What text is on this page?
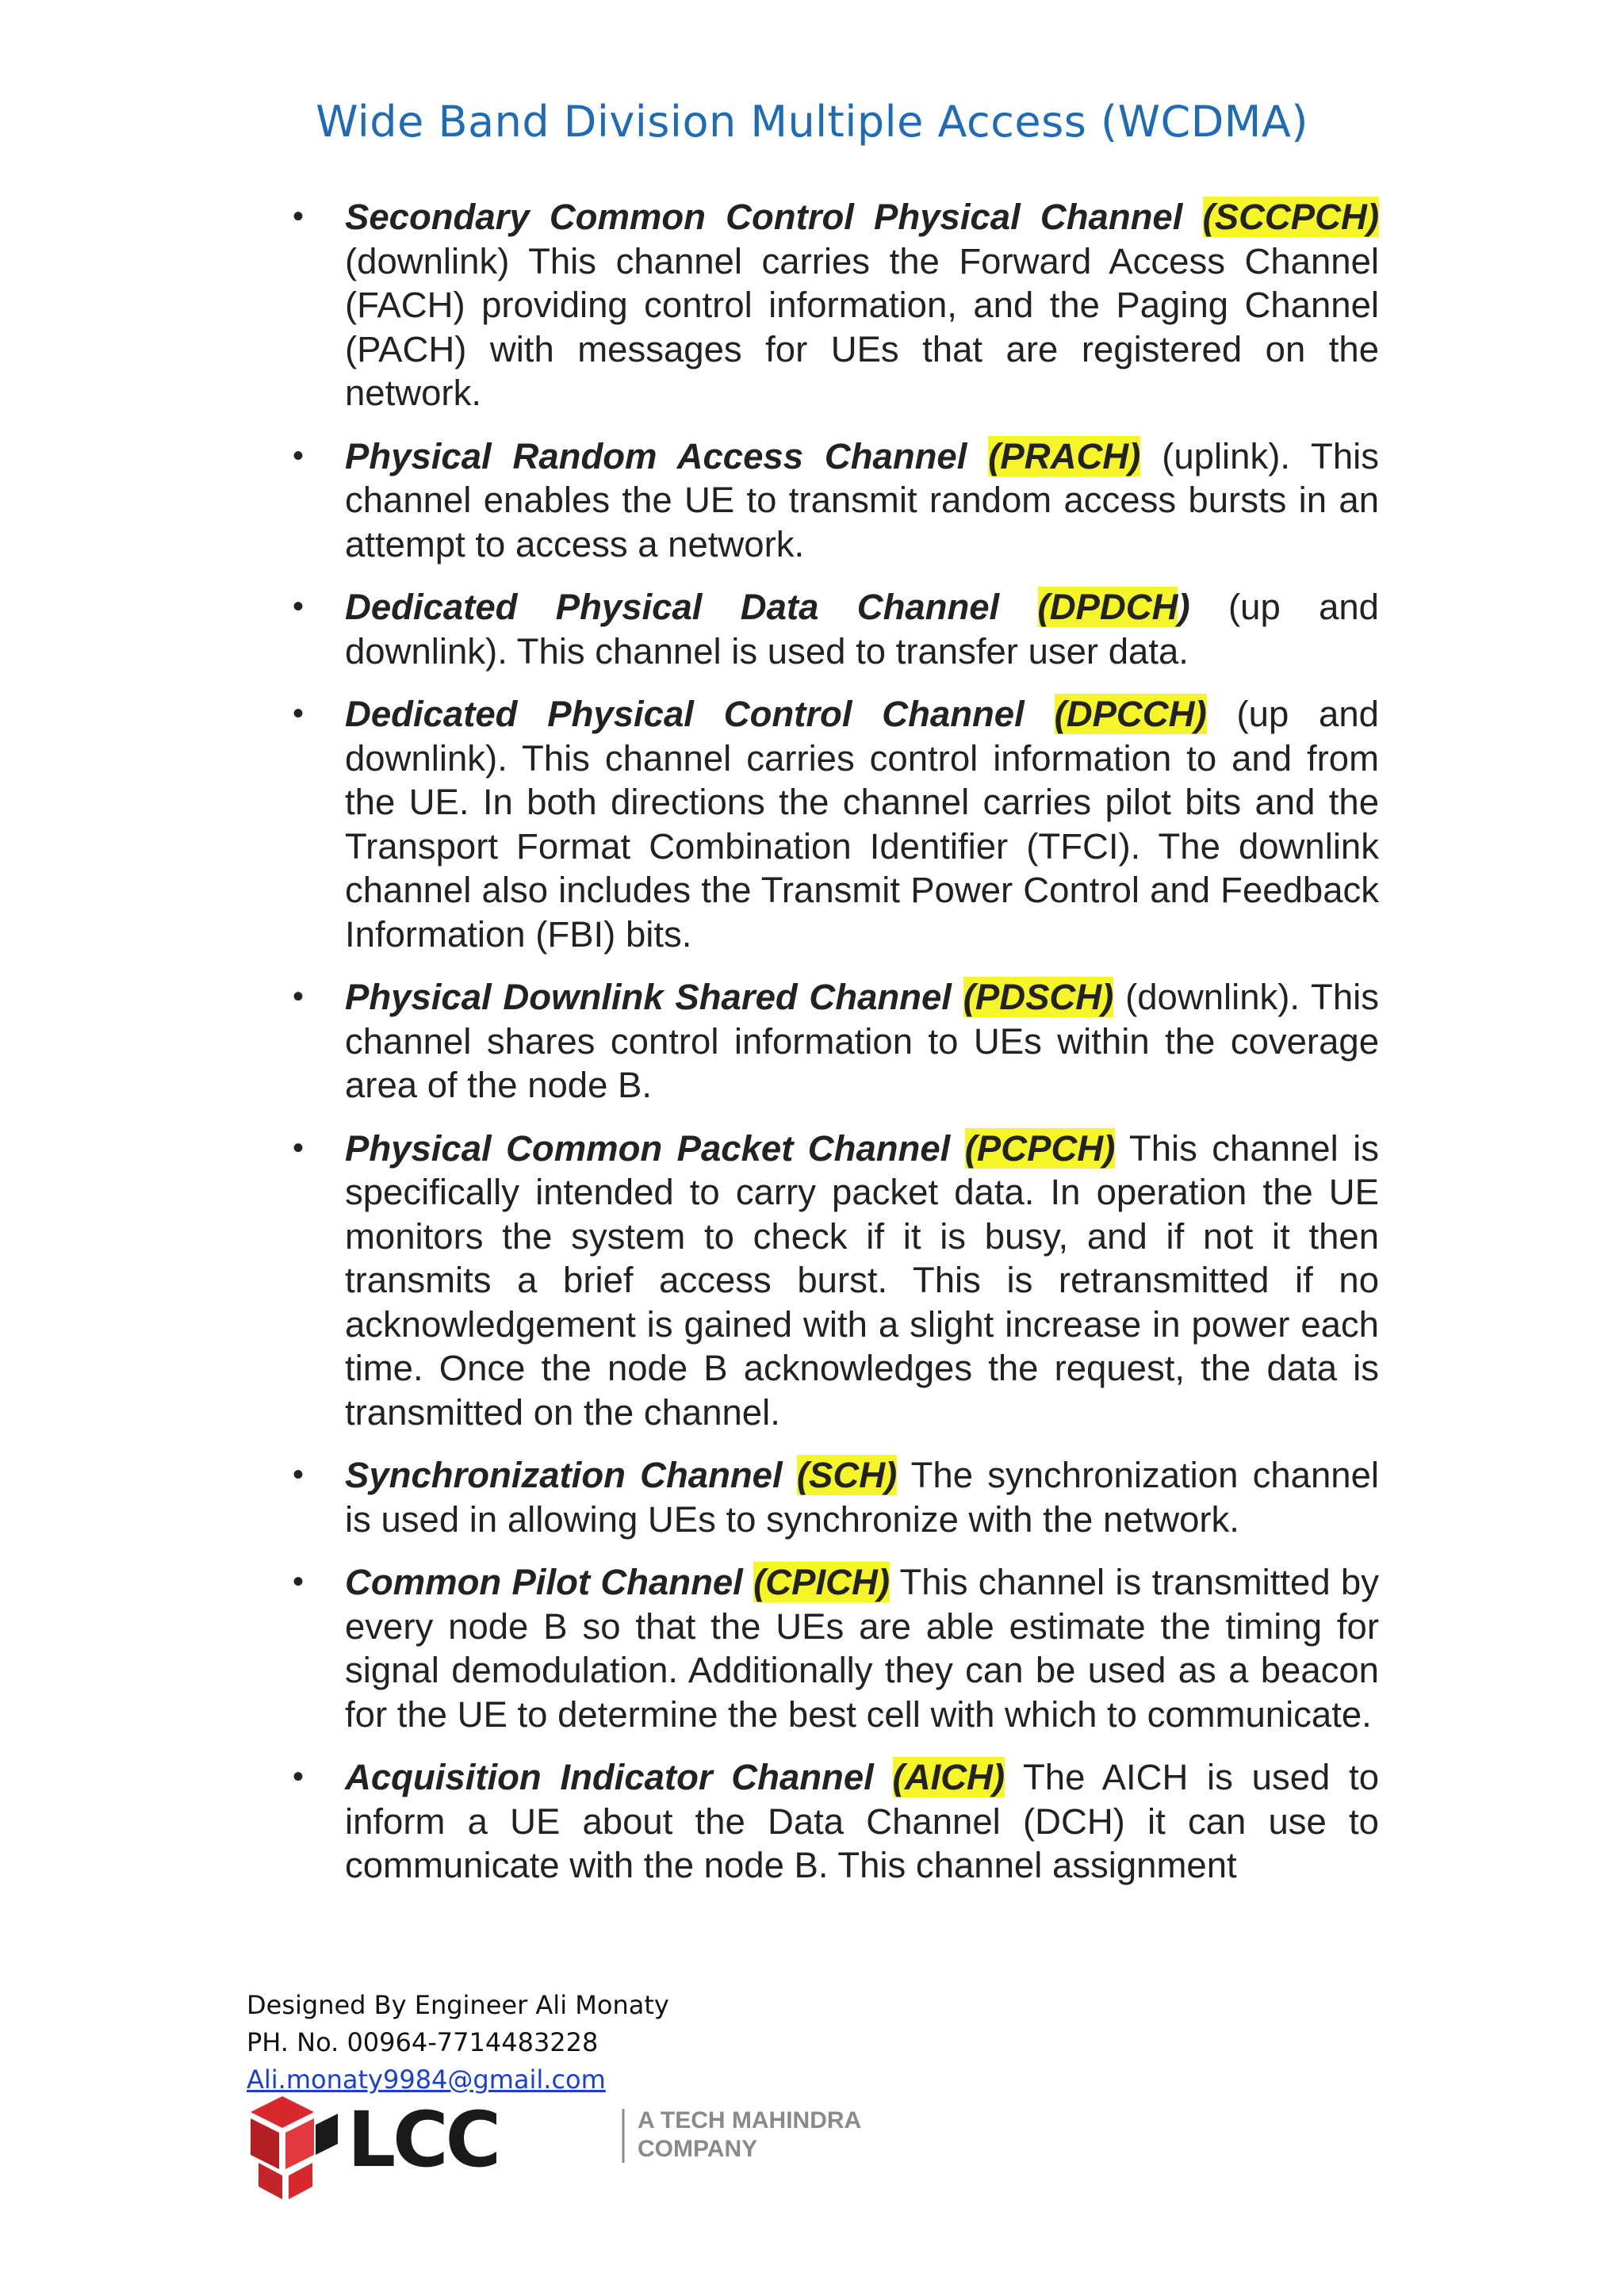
Wide Band Division Multiple Access (WCDMA)
• Secondary Common Control Physical Channel (SCCPCH) (downlink) This channel carries the Forward Access Channel (FACH) providing control information, and the Paging Channel (PACH) with messages for UEs that are registered on the network.
• Physical Random Access Channel (PRACH) (uplink). This channel enables the UE to transmit random access bursts in an attempt to access a network.
• Dedicated Physical Data Channel (DPDCH) (up and downlink). This channel is used to transfer user data.
• Dedicated Physical Control Channel (DPCCH) (up and downlink). This channel carries control information to and from the UE. In both directions the channel carries pilot bits and the Transport Format Combination Identifier (TFCI). The downlink channel also includes the Transmit Power Control and Feedback Information (FBI) bits.
• Physical Downlink Shared Channel (PDSCH) (downlink). This channel shares control information to UEs within the coverage area of the node B.
• Physical Common Packet Channel (PCPCH) This channel is specifically intended to carry packet data. In operation the UE monitors the system to check if it is busy, and if not it then transmits a brief access burst. This is retransmitted if no acknowledgement is gained with a slight increase in power each time. Once the node B acknowledges the request, the data is transmitted on the channel.
• Synchronization Channel (SCH) The synchronization channel is used in allowing UEs to synchronize with the network.
• Common Pilot Channel (CPICH) This channel is transmitted by every node B so that the UEs are able estimate the timing for signal demodulation. Additionally they can be used as a beacon for the UE to determine the best cell with which to communicate.
• Acquisition Indicator Channel (AICH) The AICH is used to inform a UE about the Data Channel (DCH) it can use to communicate with the node B. This channel assignment
Designed By Engineer Ali Monaty
PH. No. 00964-7714483228
Ali.monaty9984@gmail.com
LCC	A TECH MAHINDRA
COMPANY
